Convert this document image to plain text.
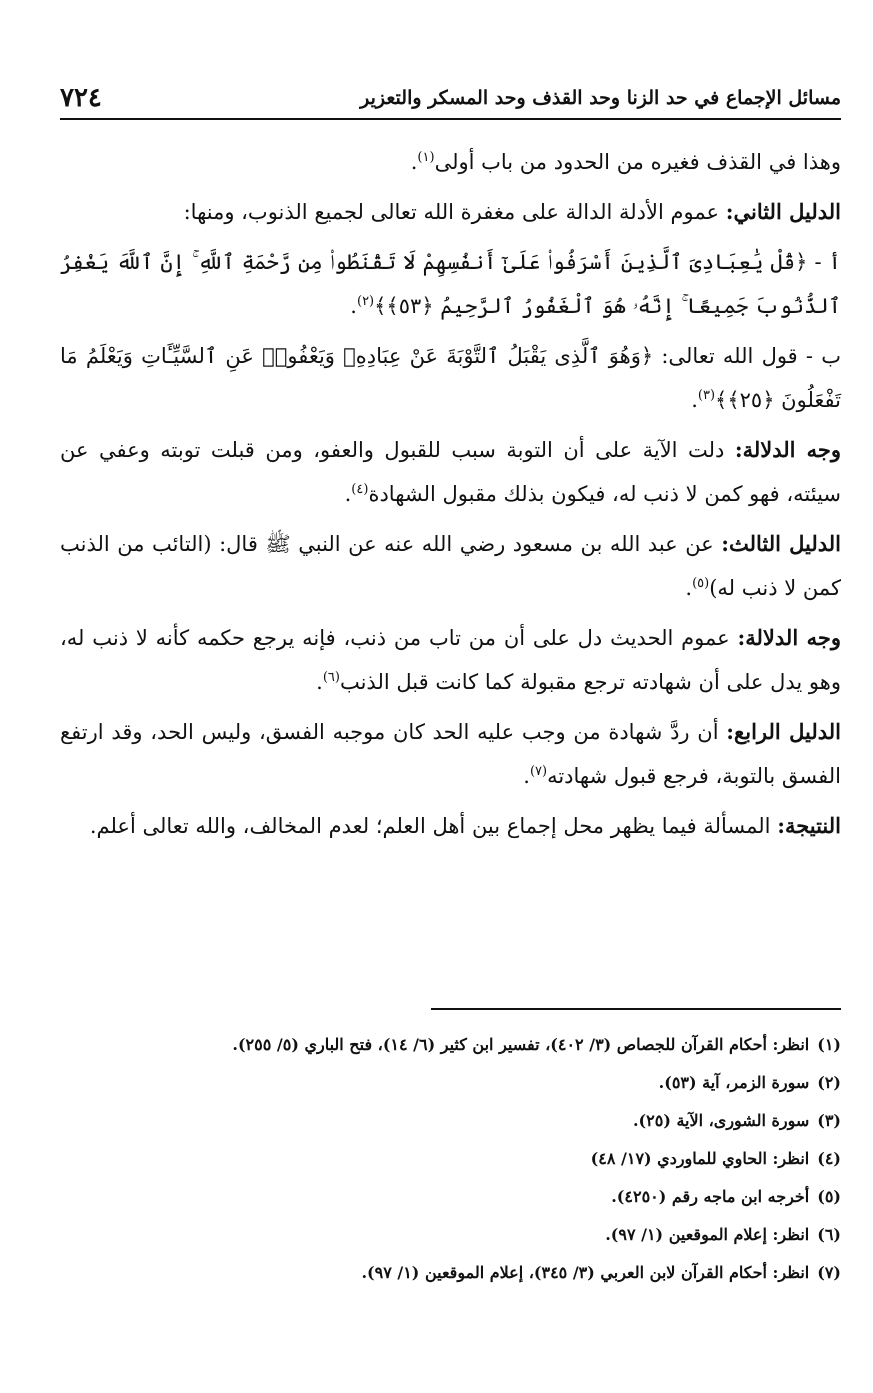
مسائل الإجماع في حد الزنا وحد القذف وحد المسكر والتعزير
٧٢٤

وهذا في القذف فغيره من الحدود من باب أولى$^{(١)}$.

الدليل الثاني: عموم الأدلة الدالة على مغفرة الله تعالى لجميع الذنوب، ومنها:

أ - ﴿قُلْ يَٰعِبَادِىَ ٱلَّذِينَ أَسْرَفُوا۟ عَلَىٰٓ أَنفُسِهِمْ لَا تَقْنَطُوا۟ مِن رَّحْمَةِ ٱللَّهِ ۚ إِنَّ ٱللَّهَ يَغْفِرُ ٱلذُّنُوبَ جَمِيعًا ۚ إِنَّهُۥ هُوَ ٱلْغَفُورُ ٱلرَّحِيمُ ﴿٥٣﴾﴾$^{(٢)}$.

ب - قول الله تعالى: ﴿وَهُوَ ٱلَّذِى يَقْبَلُ ٱلتَّوْبَةَ عَنْ عِبَادِهِۦ وَيَعْفُوا۟ عَنِ ٱلسَّيِّـَٔاتِ وَيَعْلَمُ مَا تَفْعَلُونَ ﴿٢٥﴾﴾$^{(٣)}$.

وجه الدلالة: دلت الآية على أن التوبة سبب للقبول والعفو، ومن قبلت توبته وعفي عن سيئته، فهو كمن لا ذنب له، فيكون بذلك مقبول الشهادة$^{(٤)}$.

الدليل الثالث: عن عبد الله بن مسعود رضي الله عنه عن النبي ﷺ قال: (التائب من الذنب كمن لا ذنب له)$^{(٥)}$.

وجه الدلالة: عموم الحديث دل على أن من تاب من ذنب، فإنه يرجع حكمه كأنه لا ذنب له، وهو يدل على أن شهادته ترجع مقبولة كما كانت قبل الذنب$^{(٦)}$.

الدليل الرابع: أن ردَّ شهادة من وجب عليه الحد كان موجبه الفسق، وليس الحد، وقد ارتفع الفسق بالتوبة، فرجع قبول شهادته$^{(٧)}$.

النتيجة: المسألة فيما يظهر محل إجماع بين أهل العلم؛ لعدم المخالف، والله تعالى أعلم.

(١)انظر: أحكام القرآن للجصاص (٣/ ٤٠٢)، تفسير ابن كثير (٦/ ١٤)، فتح الباري (٥/ ٢٥٥).
(٢)سورة الزمر، آية (٥٣).
(٣)سورة الشورى، الآية (٢٥).
(٤)انظر: الحاوي للماوردي (١٧/ ٤٨)
(٥)أخرجه ابن ماجه رقم (٤٢٥٠).
(٦)انظر: إعلام الموقعين (١/ ٩٧).
(٧)انظر: أحكام القرآن لابن العربي (٣/ ٣٤٥)، إعلام الموقعين (١/ ٩٧).
